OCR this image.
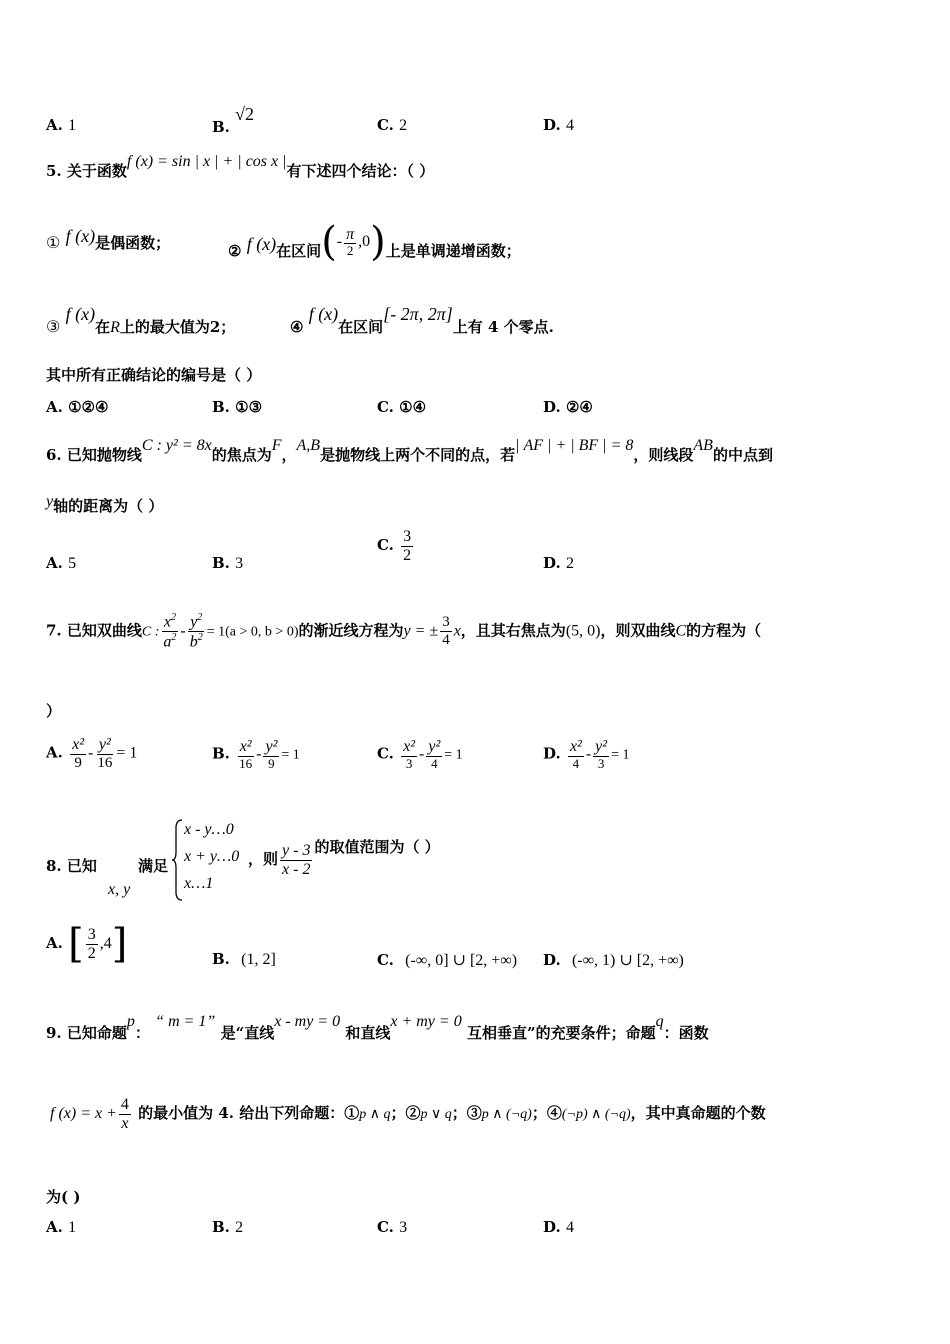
A. 1	B. √2
C. 2	D. 4
5. 关于函数f (x) = sin | x | + | cos x |有下述四个结论：（ ）
① f (x)是偶函数；	② f (x)在区间(- $\frac{\pi}{2} ,0$)上是单调递增函数；
③ f (x)在R上的最大值为2；	④ f (x)在区间[- 2π, 2π]上有 4 个零点.
其中所有正确结论的编号是（ ）
A. ①②④	B. ①③	C. ①④	D. ②④
6. 已知抛物线C : y² = 8x的焦点为F，A,B是抛物线上两个不同的点，若| AF | + | BF | = 8，则线段AB的中点到
y轴的距离为（ ）
A. 5	B. 3
C. $\frac{3}{2}$	D. 2
7. 已知双曲线C : $\frac{x^2}{a^2} - \frac{y^2}{b^2} = 1(a > 0$, b > 0)的渐近线方程为y = ± $\frac{3}{4}$ x，且其右焦点为(5, 0)，则双曲线C的方程为（
）
A. $\frac{\text{x²}}{9} - \frac{\text{y²}}{16} = 1$	B. $\frac{\text{x²}}{16} - \frac{\text{y²}}{9} = 1$	C. $\frac{\text{x²}}{3} - \frac{\text{y²}}{4} = 1$	D. $\frac{\text{x²}}{4} - \frac{\text{y²}}{3} = 1$
8. 已知
x, y
满足
x - y…0
x + y…0
x…1
，则 $\frac{y - 3}{x - 2}$ 的取值范围为（ ）
A. [ $\frac{3}{2} ,4$]	B. (1, 2]	C. (-∞, 0] ∪ [2, +∞) D. (-∞, 1) ∪ [2, +∞)
9. 已知命题p： “ m = 1” 是“直线x - my = 0 和直线x + my = 0 互相垂直”的充要条件；命题q：函数
f $(x) = x + \frac{4}{x}$ 的最小值为 4. 给出下列命题：①p ∧ q；②p ∨ q；③p ∧ (¬q)；④(¬p) ∧ (¬q)，其中真命题的个数
为( )
A. 1	B. 2	C. 3	D. 4
